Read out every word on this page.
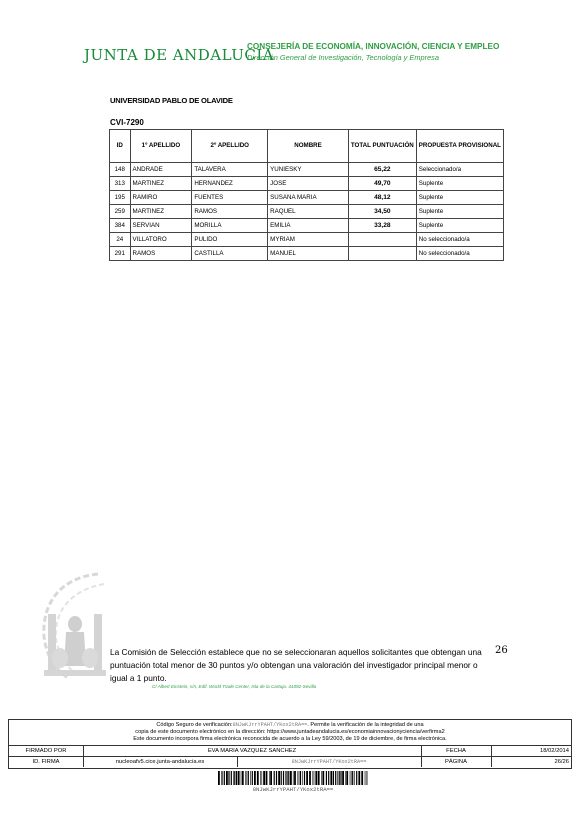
JUNTA DE ANDALUCIA
CONSEJERÍA DE ECONOMÍA, INNOVACIÓN, CIENCIA Y EMPLEO
Dirección General de Investigación, Tecnología y Empresa
UNIVERSIDAD PABLO DE OLAVIDE
CVI-7290
ID	1º APELLIDO	2º APELLIDO	NOMBRE	TOTAL PUNTUACIÓN	PROPUESTA PROVISIONAL
148	ANDRADE	TALAVERA	YUNIESKY	65,22	Seleccionado/a
313	MARTINEZ	HERNANDEZ	JOSE	49,70	Suplente
195	RAMIRO	FUENTES	SUSANA MARIA	48,12	Suplente
259	MARTINEZ	RAMOS	RAQUEL	34,50	Suplente
384	SERVIAN	MORILLA	EMILIA	33,28	Suplente
24	VILLATORO	PULIDO	MYRIAM		No seleccionado/a
291	RAMOS	CASTILLA	MANUEL		No seleccionado/a
La Comisión de Selección establece que no se seleccionaran aquellos solicitantes que obtengan una puntuación total menor de 30 puntos y/o obtengan una valoración del investigador principal menor o igual a 1 punto.
26
C/ Albert Einstein, s/n, Edif. World Trade Center, Isla de la Cartuja. 41092-Sevilla
Código Seguro de verificación:8NJwKJrrYPAHT/YKox2tRA==. Permite la verificación de la integridad de una
copia de este documento electrónico en la dirección: https://www.juntadeandalucia.es/economiainnovacionyciencia/verfirma2
Este documento incorpora firma electrónica reconocida de acuerdo a la Ley 59/2003, de 19 de diciembre, de firma electrónica.
FIRMADO POR	EVA MARIA VAZQUEZ SANCHEZ	FECHA	18/02/2014
ID. FIRMA	nucleoafv5.cice.junta-andalucia.es	8NJwKJrrYPAHT/YKox2tRA==	PÁGINA	26/26
8NJwKJrrYPAHT/YKox2tRA==
